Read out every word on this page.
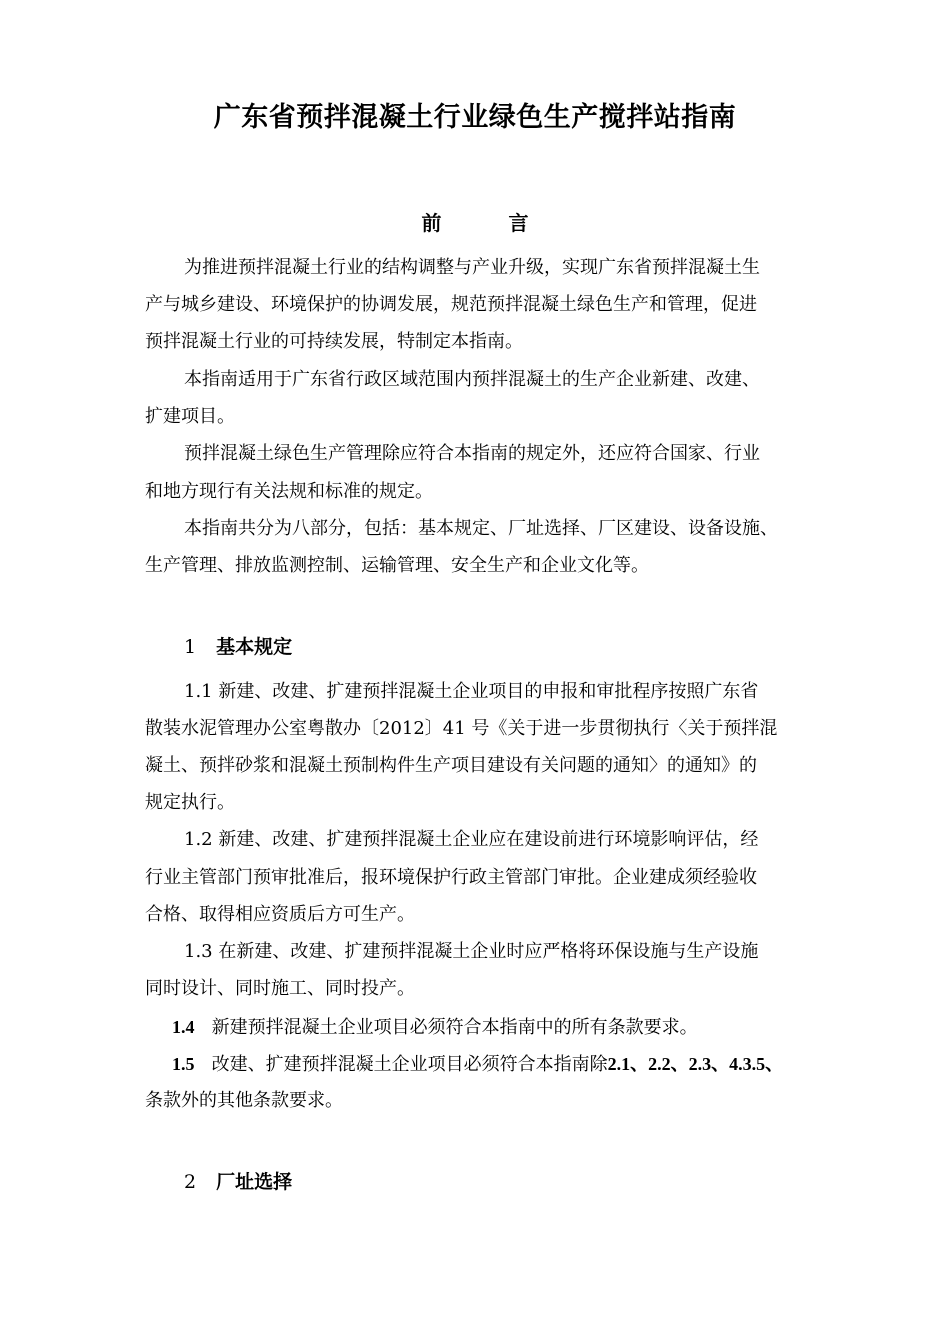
广东省预拌混凝土行业绿色生产搅拌站指南
前 言
为推进预拌混凝土行业的结构调整与产业升级，实现广东省预拌混凝土生
产与城乡建设、环境保护的协调发展，规范预拌混凝土绿色生产和管理，促进
预拌混凝土行业的可持续发展，特制定本指南。
本指南适用于广东省行政区域范围内预拌混凝土的生产企业新建、改建、
扩建项目。
预拌混凝土绿色生产管理除应符合本指南的规定外，还应符合国家、行业
和地方现行有关法规和标准的规定。
本指南共分为八部分，包括：基本规定、厂址选择、厂区建设、设备设施、
生产管理、排放监测控制、运输管理、安全生产和企业文化等。
1 基本规定
1.1 新建、改建、扩建预拌混凝土企业项目的申报和审批程序按照广东省
散装水泥管理办公室粤散办〔2012〕41 号《关于进一步贯彻执行〈关于预拌混
凝土、预拌砂浆和混凝土预制构件生产项目建设有关问题的通知〉的通知》的
规定执行。
1.2 新建、改建、扩建预拌混凝土企业应在建设前进行环境影响评估，经
行业主管部门预审批准后，报环境保护行政主管部门审批。企业建成须经验收
合格、取得相应资质后方可生产。
1.3 在新建、改建、扩建预拌混凝土企业时应严格将环保设施与生产设施
同时设计、同时施工、同时投产。
1.4 新建预拌混凝土企业项目必须符合本指南中的所有条款要求。
1.5 改建、扩建预拌混凝土企业项目必须符合本指南除2.1、2.2、2.3、4.3.5、
条款外的其他条款要求。
2 厂址选择
